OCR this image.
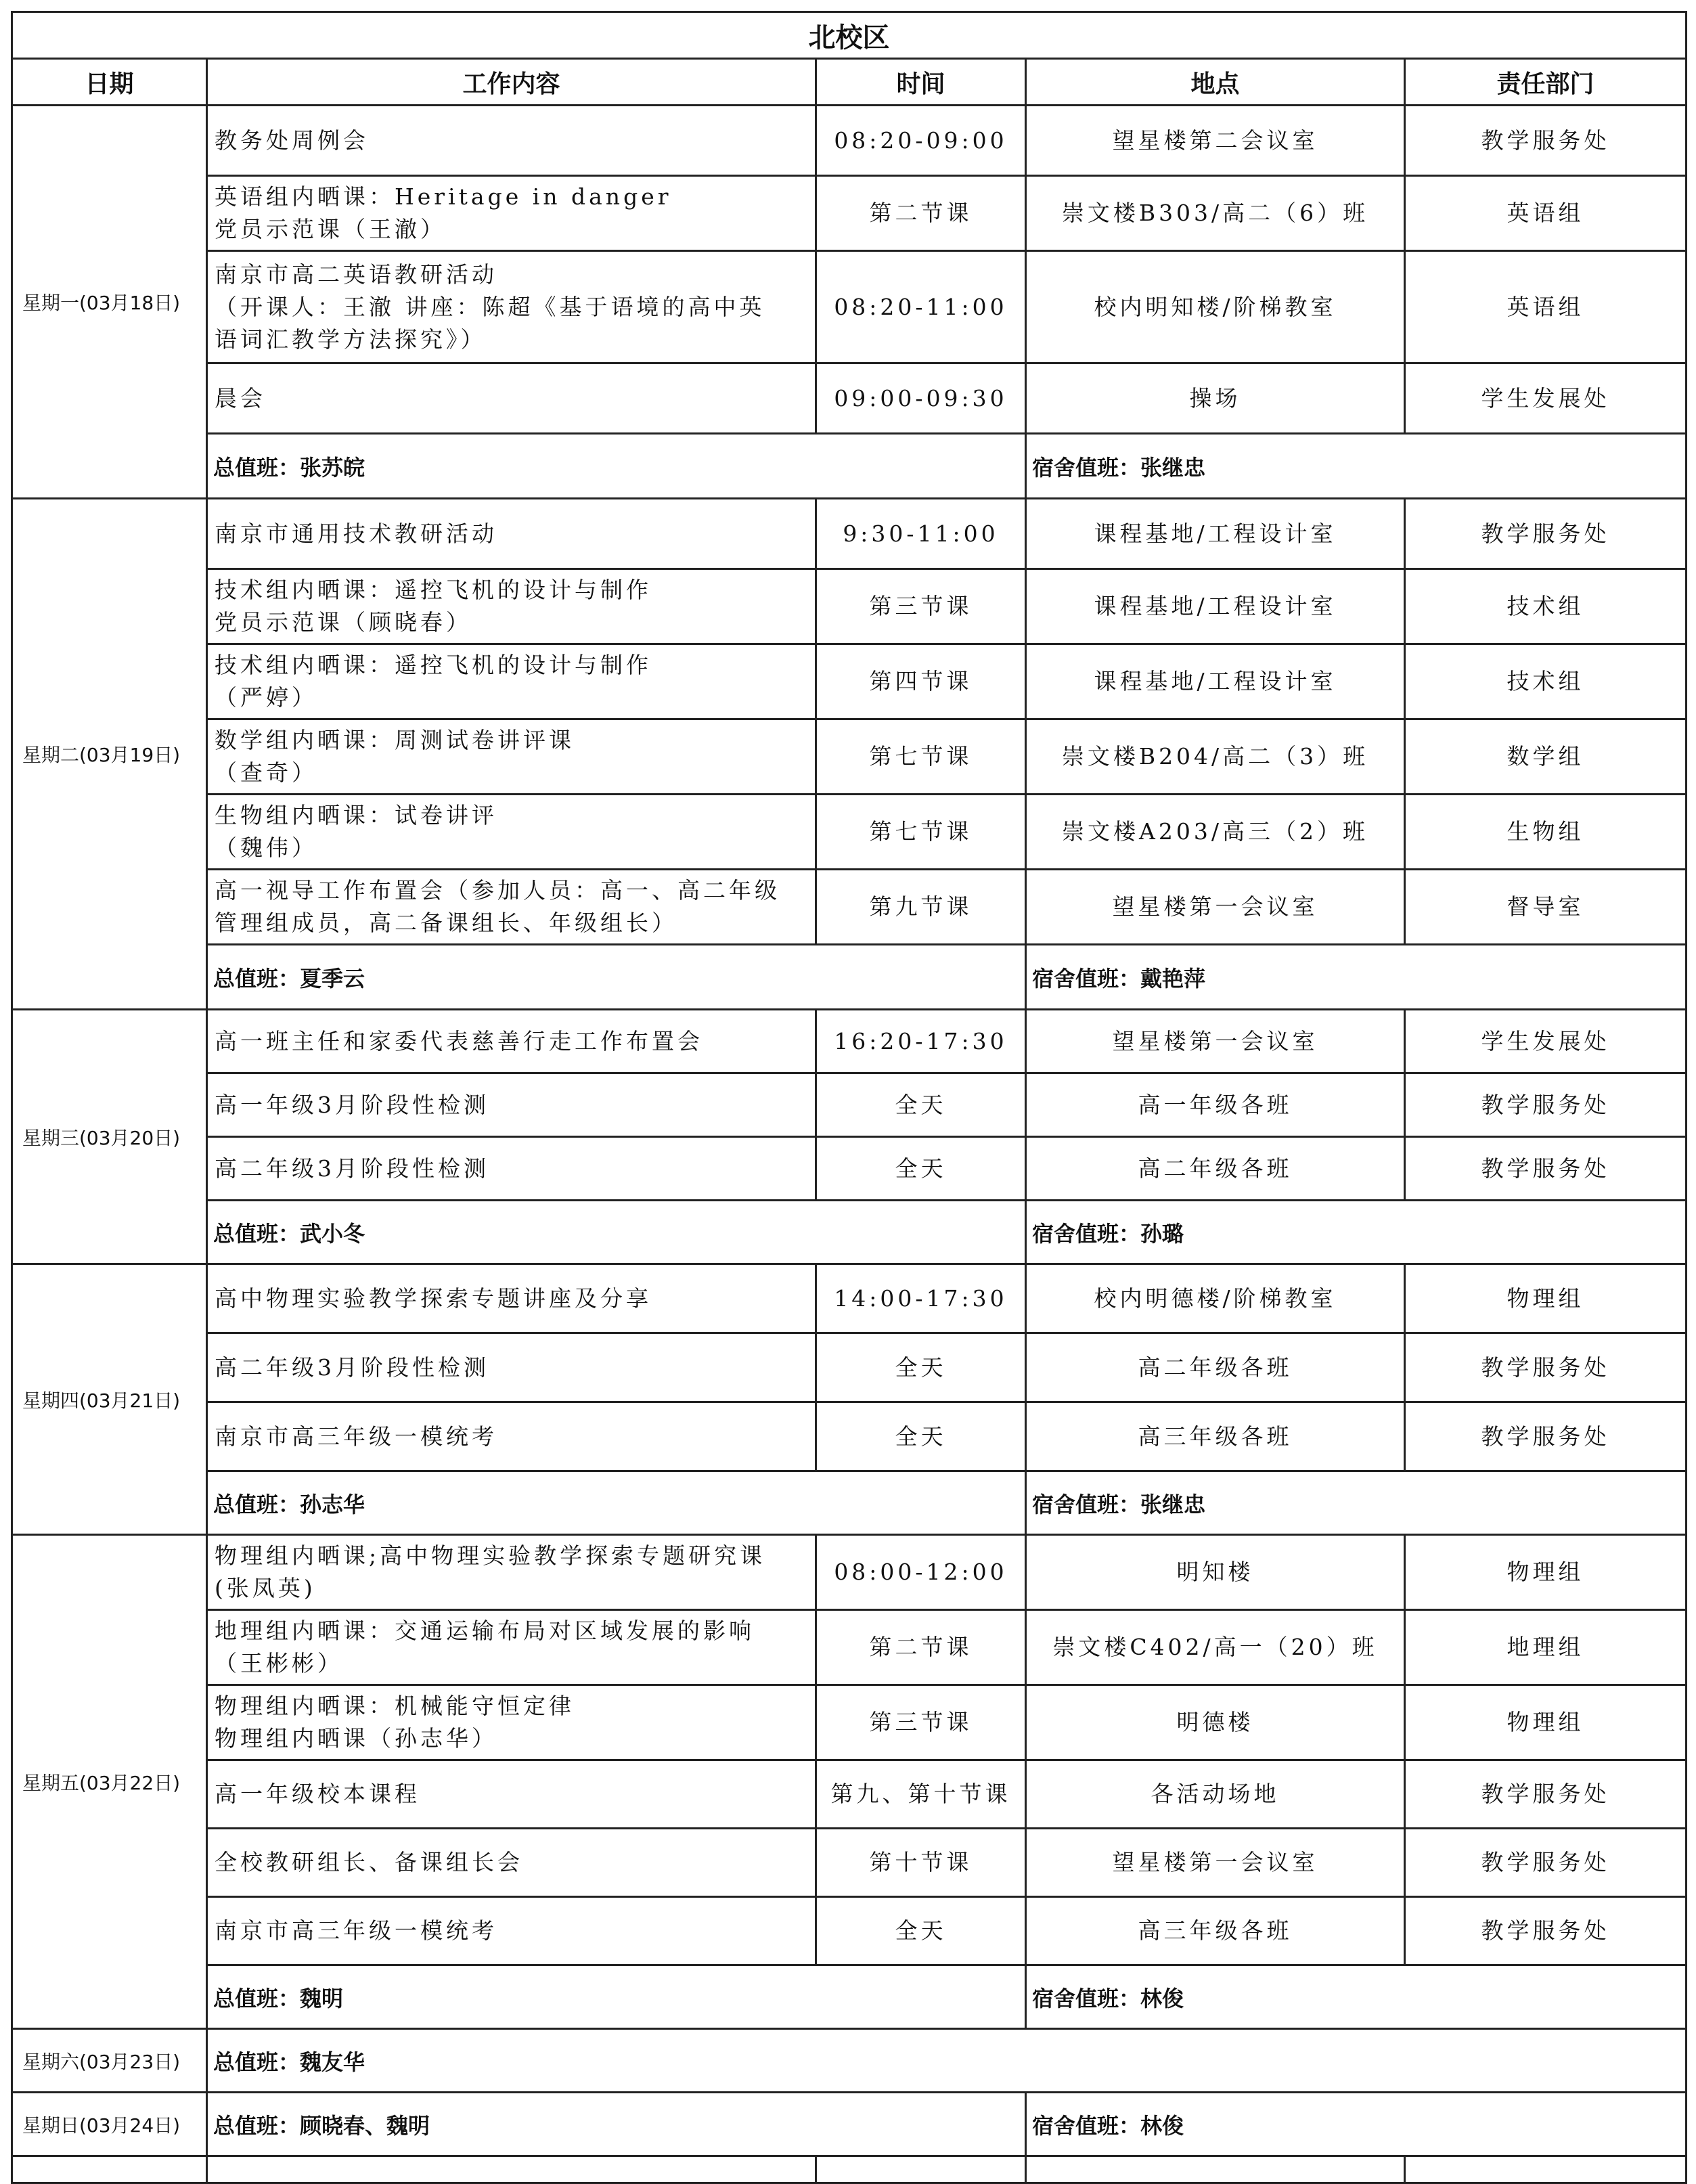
北校区				
日期	工作内容	时间	地点	责任部门
星期一(03月18日)	教务处周例会	08:20-09:00	望星楼第二会议室	教学服务处

	英语组内晒课：Heritage in danger
党员示范课（王澈）	第二节课	崇文楼B303/高二（6）班	英语组

	南京市高二英语教研活动
（开课人：王澈 讲座：陈超《基于语境的高中英
语词汇教学方法探究》）	08:20-11:00	校内明知楼/阶梯教室	英语组

	晨会	09:00-09:30	操场	学生发展处
	总值班：张苏皖		宿舍值班：张继忠	
星期二(03月19日)	南京市通用技术教研活动	9:30-11:00	课程基地/工程设计室	教学服务处

	技术组内晒课：遥控飞机的设计与制作
党员示范课（顾晓春）	第三节课	课程基地/工程设计室	技术组

	技术组内晒课：遥控飞机的设计与制作
（严婷）	第四节课	课程基地/工程设计室	技术组

	数学组内晒课：周测试卷讲评课
（查奇）	第七节课	崇文楼B204/高二（3）班	数学组

	生物组内晒课：试卷讲评
（魏伟）	第七节课	崇文楼A203/高三（2）班	生物组

	高一视导工作布置会（参加人员：高一、高二年级
管理组成员，高二备课组长、年级组长）	第九节课	望星楼第一会议室	督导室
	总值班：夏季云		宿舍值班：戴艳萍	
星期三(03月20日)	高一班主任和家委代表慈善行走工作布置会	16:20-17:30	望星楼第一会议室	学生发展处

	高一年级3月阶段性检测	全天	高一年级各班	教学服务处

	高二年级3月阶段性检测	全天	高二年级各班	教学服务处
	总值班：武小冬		宿舍值班：孙璐	
星期四(03月21日)	高中物理实验教学探索专题讲座及分享	14:00-17:30	校内明德楼/阶梯教室	物理组

	高二年级3月阶段性检测	全天	高二年级各班	教学服务处

	南京市高三年级一模统考	全天	高三年级各班	教学服务处
	总值班：孙志华		宿舍值班：张继忠	
星期五(03月22日)	物理组内晒课;高中物理实验教学探索专题研究课
(张凤英)	08:00-12:00	明知楼	物理组

	地理组内晒课：交通运输布局对区域发展的影响
（王彬彬）	第二节课	崇文楼C402/高一（20）班	地理组

	物理组内晒课：机械能守恒定律
物理组内晒课（孙志华）	第三节课	明德楼	物理组

	高一年级校本课程	第九、第十节课	各活动场地	教学服务处

	全校教研组长、备课组长会	第十节课	望星楼第一会议室	教学服务处

	南京市高三年级一模统考	全天	高三年级各班	教学服务处
	总值班：魏明		宿舍值班：林俊	
星期六(03月23日)	总值班：魏友华			
星期日(03月24日)	总值班：顾晓春、魏明		宿舍值班：林俊	
